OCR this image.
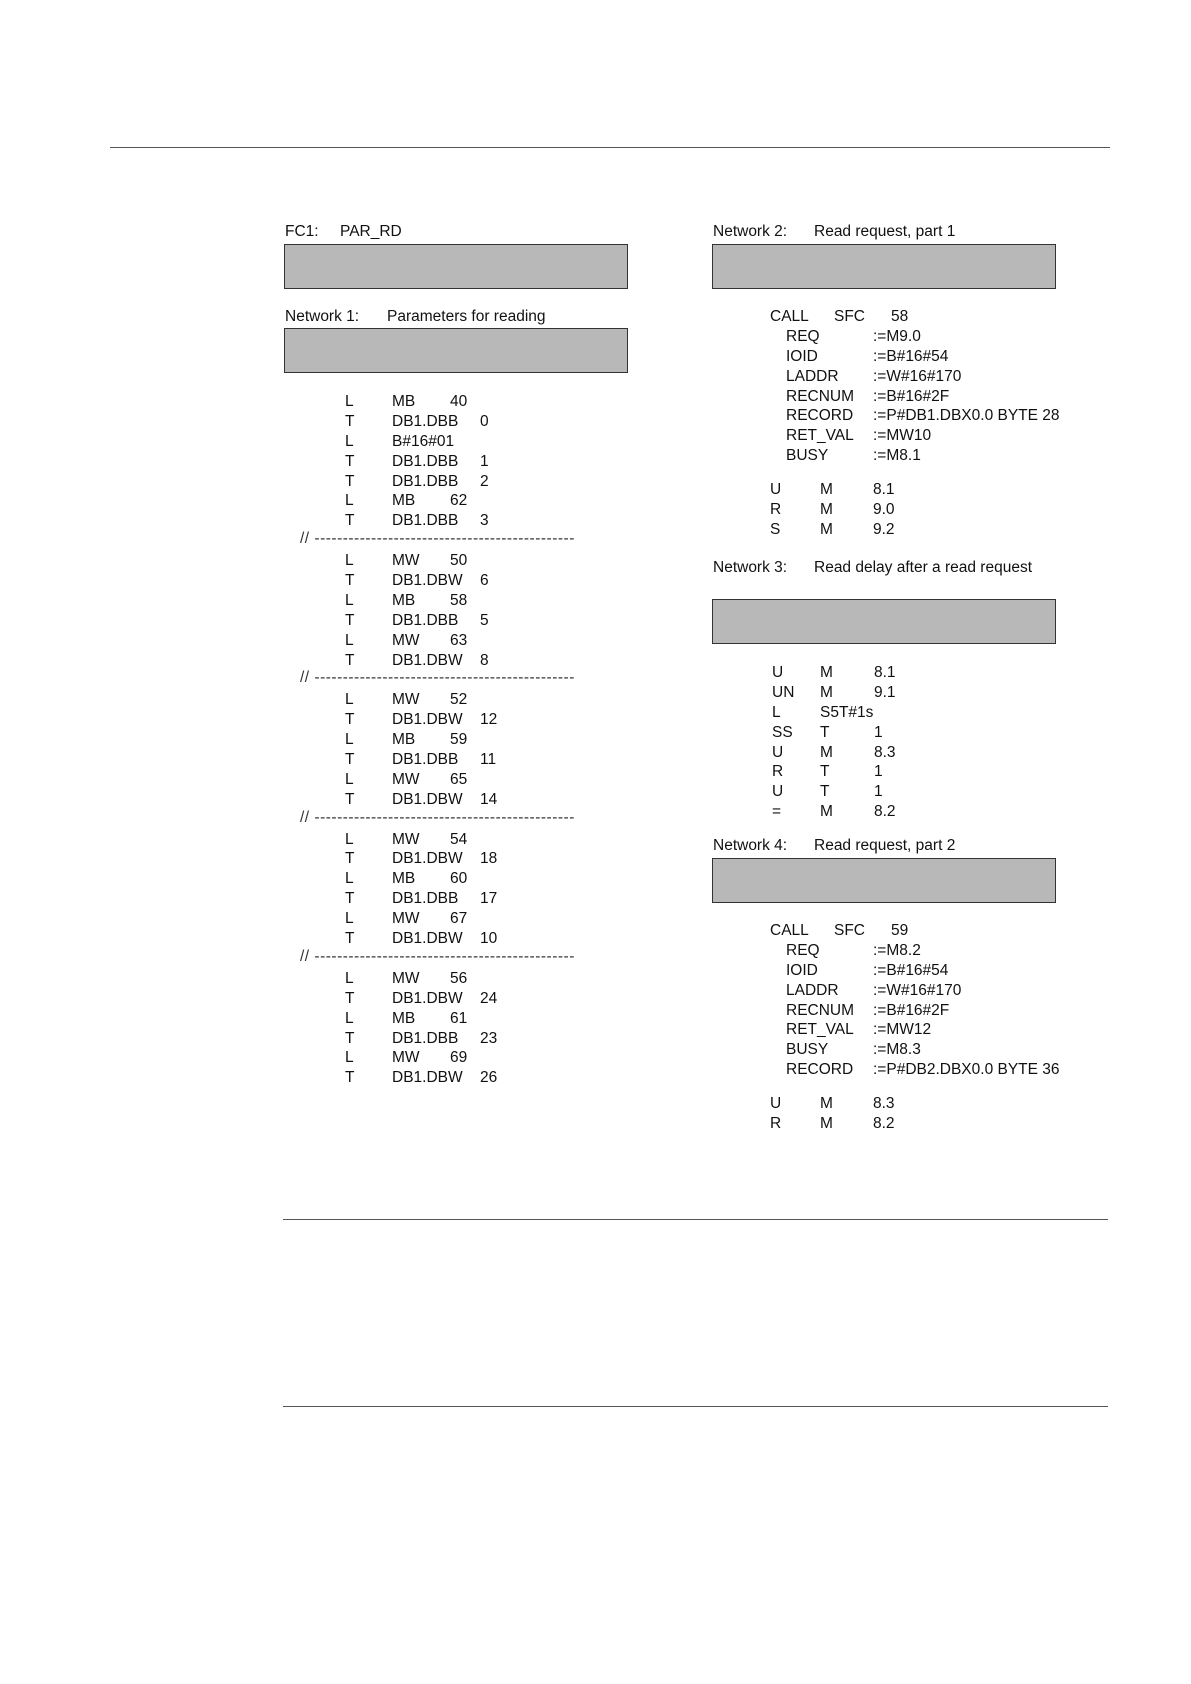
FC1: PAR_RD
Network 1: Parameters for reading
L MB 40
T DB1.DBB 0
L B#16#01
T DB1.DBB 1
T DB1.DBB 2
L MB 62
T DB1.DBB 3
// ----------------------------------------------
L MW 50
T DB1.DBW 6
L MB 58
T DB1.DBB 5
L MW 63
T DB1.DBW 8
// ----------------------------------------------
L MW 52
T DB1.DBW 12
L MB 59
T DB1.DBB 11
L MW 65
T DB1.DBW 14
// ----------------------------------------------
L MW 54
T DB1.DBW 18
L MB 60
T DB1.DBB 17
L MW 67
T DB1.DBW 10
// ----------------------------------------------
L MW 56
T DB1.DBW 24
L MB 61
T DB1.DBB 23
L MW 69
T DB1.DBW 26
Network 2: Read request, part 1
CALL SFC 58
REQ	:=M9.0
IOID	:=B#16#54
LADDR :=W#16#170
RECNUM :=B#16#2F
RECORD :=P#DB1.DBX0.0 BYTE 28
RET_VAL :=MW10
BUSY	:=M8.1
U	M	8.1
R	M	9.0
S	M	9.2
Network 3: Read delay after a read request
U M	8.1
UN M	9.1
L	S5T#1s
SS T	1
U M	8.3
R T	1
U T	1
=	M	8.2
Network 4: Read request, part 2
CALL SFC 59
REQ	:=M8.2
IOID	:=B#16#54
LADDR :=W#16#170
RECNUM :=B#16#2F
RET_VAL :=MW12
BUSY	:=M8.3
RECORD :=P#DB2.DBX0.0 BYTE 36
U	M	8.3
R	M	8.2
